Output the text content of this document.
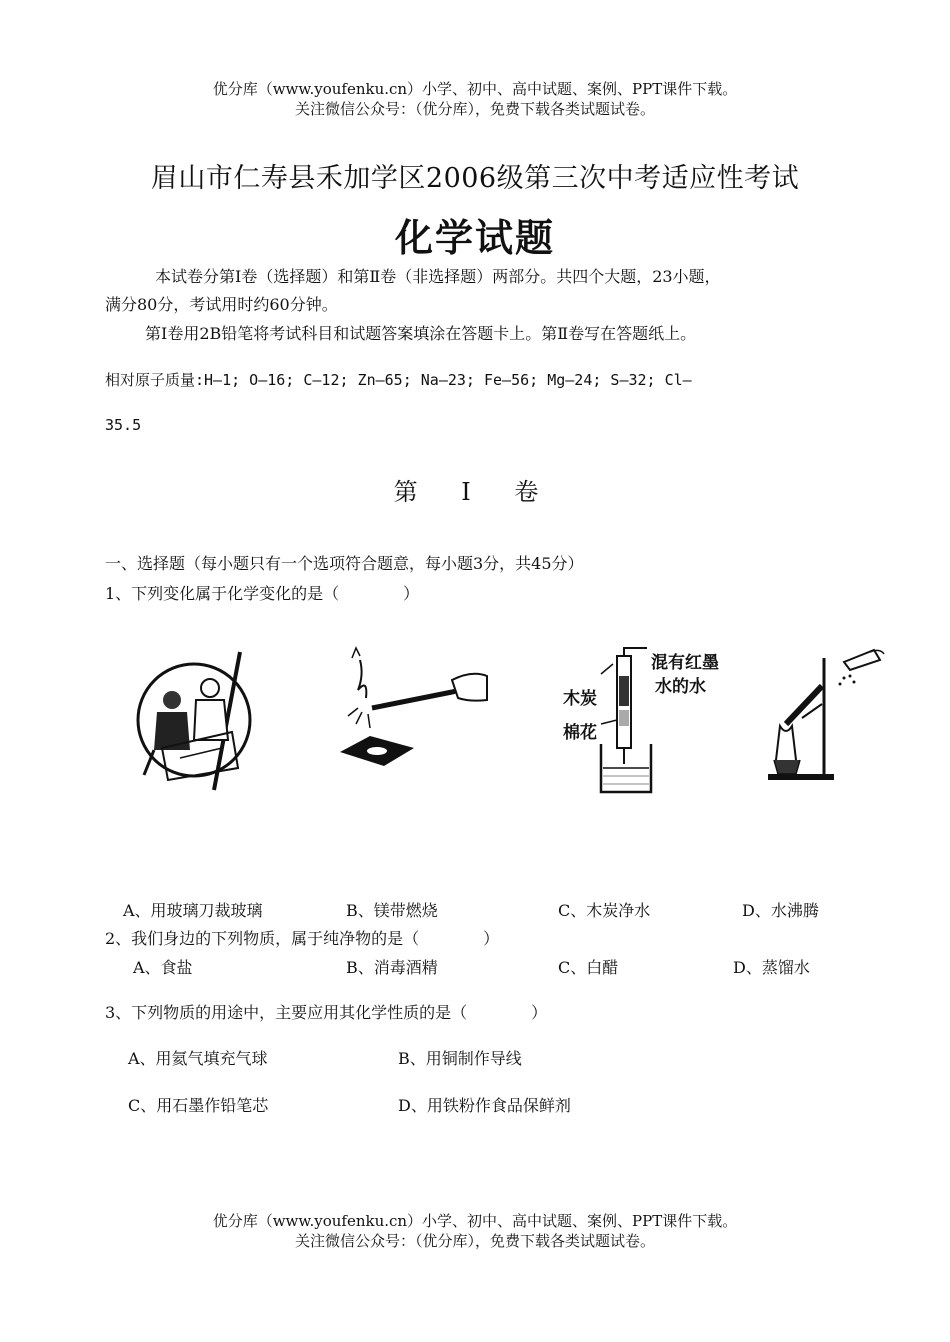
优分库（www.youfenku.cn）小学、初中、高中试题、案例、PPT课件下载。
关注微信公众号：（优分库），免费下载各类试题试卷。
眉山市仁寿县禾加学区2006级第三次中考适应性考试
化学试题
本试卷分第Ⅰ卷（选择题）和第Ⅱ卷（非选择题）两部分。共四个大题，23小题，
满分80分，考试用时约60分钟。
第Ⅰ卷用2B铅笔将考试科目和试题答案填涂在答题卡上。第Ⅱ卷写在答题纸上。
相对原子质量:H—1; O—16; C—12; Zn—65; Na—23; Fe—56; Mg—24; S—32; Cl—
35.5
第 Ⅰ 卷
一、选择题（每小题只有一个选项符合题意，每小题3分，共45分）
1、下列变化属于化学变化的是（　　　　）
混有红墨
水的水
木炭
棉花
A、用玻璃刀裁玻璃	B、镁带燃烧	C、木炭净水	D、水沸腾
2、我们身边的下列物质，属于纯净物的是（　　　　）
A、食盐	B、消毒酒精	C、白醋	D、蒸馏水
3、下列物质的用途中，主要应用其化学性质的是（　　　　）
A、用氦气填充气球	B、用铜制作导线
C、用石墨作铅笔芯	D、用铁粉作食品保鲜剂
优分库（www.youfenku.cn）小学、初中、高中试题、案例、PPT课件下载。
关注微信公众号：（优分库），免费下载各类试题试卷。
